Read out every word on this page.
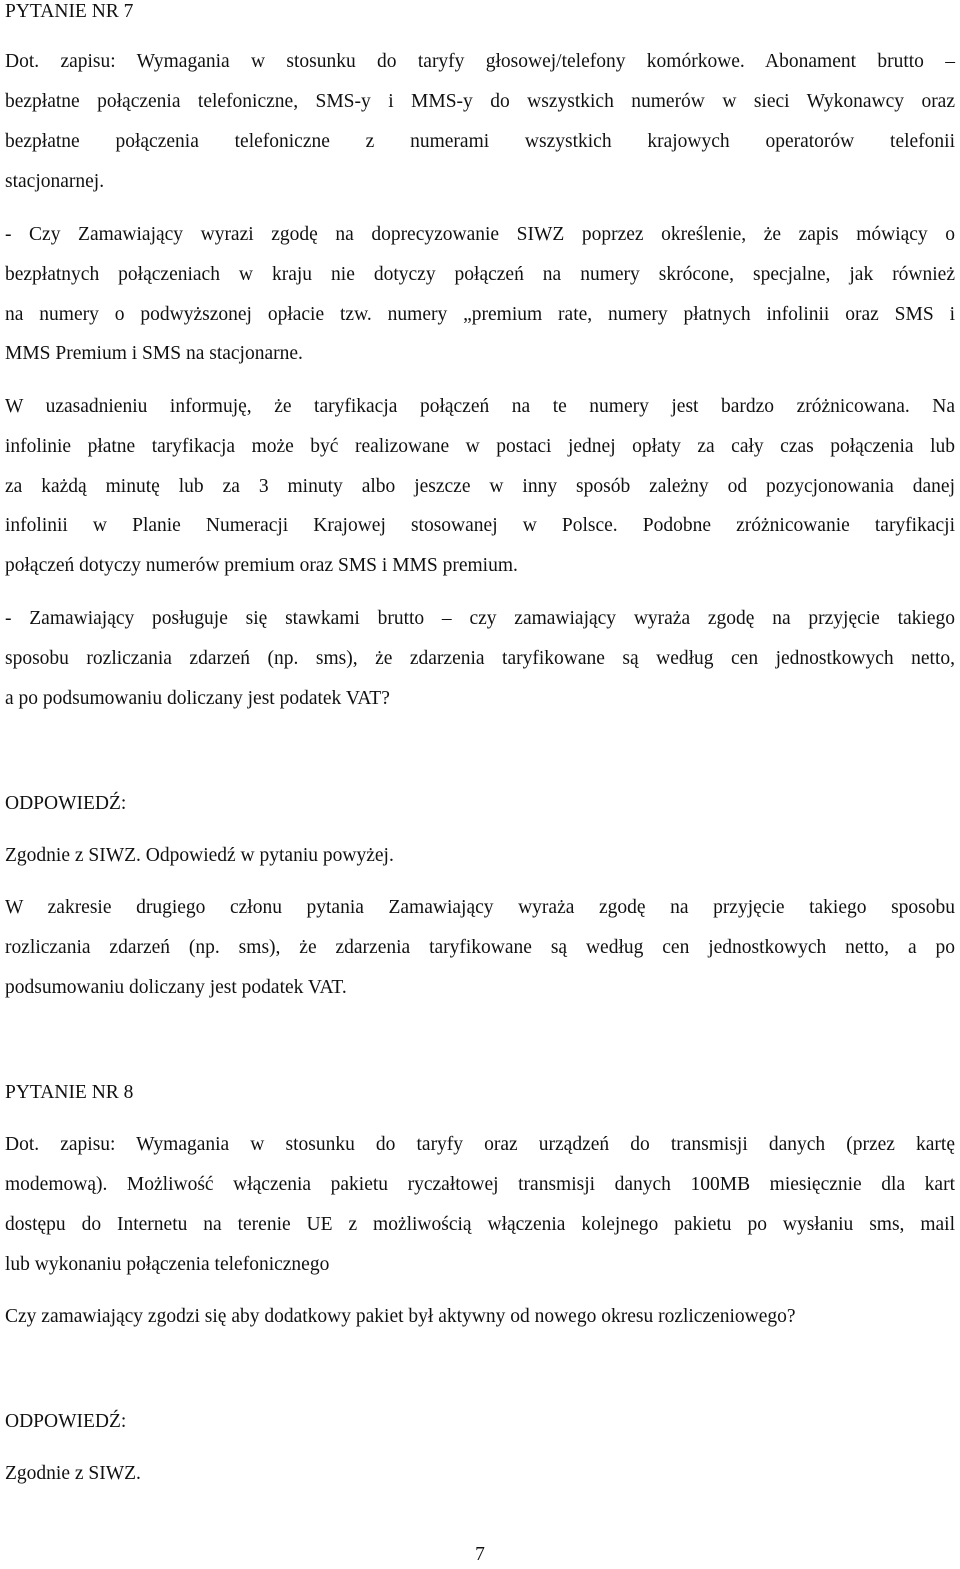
PYTANIE NR 7
Dot. zapisu: Wymagania w stosunku do taryfy głosowej/telefony komórkowe. Abonament brutto –
bezpłatne połączenia telefoniczne, SMS-y i MMS-y do wszystkich numerów w sieci Wykonawcy oraz
bezpłatne połączenia telefoniczne z numerami wszystkich krajowych operatorów telefonii
stacjonarnej.
- Czy Zamawiający wyrazi zgodę na doprecyzowanie SIWZ poprzez określenie, że zapis mówiący o
bezpłatnych połączeniach w kraju nie dotyczy połączeń na numery skrócone, specjalne, jak również
na numery o podwyższonej opłacie tzw. numery „premium rate, numery płatnych infolinii oraz SMS i
MMS Premium i SMS na stacjonarne.
W uzasadnieniu informuję, że taryfikacja połączeń na te numery jest bardzo zróżnicowana. Na
infolinie płatne taryfikacja może być realizowane w postaci jednej opłaty za cały czas połączenia lub
za każdą minutę lub za 3 minuty albo jeszcze w inny sposób zależny od pozycjonowania danej
infolinii w Planie Numeracji Krajowej stosowanej w Polsce. Podobne zróżnicowanie taryfikacji
połączeń dotyczy numerów premium oraz SMS i MMS premium.
- Zamawiający posługuje się stawkami brutto – czy zamawiający wyraża zgodę na przyjęcie takiego
sposobu rozliczania zdarzeń (np. sms), że zdarzenia taryfikowane są według cen jednostkowych netto,
a po podsumowaniu doliczany jest podatek VAT?
ODPOWIEDŹ:
Zgodnie z SIWZ. Odpowiedź w pytaniu powyżej.
W zakresie drugiego członu pytania Zamawiający wyraża zgodę na przyjęcie takiego sposobu
rozliczania zdarzeń (np. sms), że zdarzenia taryfikowane są według cen jednostkowych netto, a po
podsumowaniu doliczany jest podatek VAT.
PYTANIE NR 8
Dot. zapisu: Wymagania w stosunku do taryfy oraz urządzeń do transmisji danych (przez kartę
modemową). Możliwość włączenia pakietu ryczałtowej transmisji danych 100MB miesięcznie dla kart
dostępu do Internetu na terenie UE z możliwością włączenia kolejnego pakietu po wysłaniu sms, mail
lub wykonaniu połączenia telefonicznego
Czy zamawiający zgodzi się aby dodatkowy pakiet był aktywny od nowego okresu rozliczeniowego?
ODPOWIEDŹ:
Zgodnie z SIWZ.
7
